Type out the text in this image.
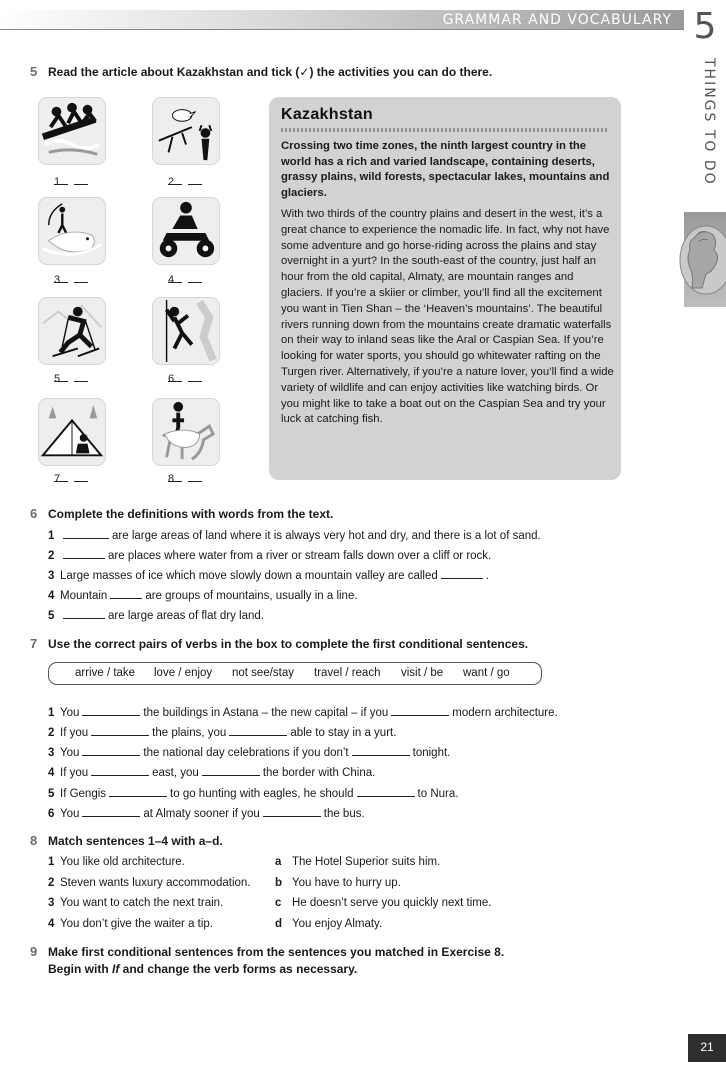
GRAMMAR AND VOCABULARY 5
THINGS TO DO
5 Read the article about Kazakhstan and tick (✓) the activities you can do there.
1	2
3	4
5	6
7	8
Kazakhstan
Crossing two time zones, the ninth largest country in the world has a rich and varied landscape, containing deserts, grassy plains, wild forests, spectacular lakes, mountains and glaciers.
With two thirds of the country plains and desert in the west, it’s a great chance to experience the nomadic life. In fact, why not have some adventure and go horse-riding across the plains and stay overnight in a yurt? In the south-east of the country, just half an hour from the old capital, Almaty, are mountain ranges and glaciers. If you’re a skiier or climber, you’ll find all the excitement you want in Tien Shan – the ‘Heaven’s mountains’. The beautiful rivers running down from the mountains create dramatic waterfalls on their way to inland seas like the Aral or Caspian Sea. If you’re looking for water sports, you should go whitewater rafting on the Turgen river. Alternatively, if you’re a nature lover, you’ll find a wide variety of wildlife and can enjoy activities like watching birds. Or you might like to take a boat out on the Caspian Sea and try your luck at catching fish.
6 Complete the definitions with words from the text.
1	are large areas of land where it is always very hot and dry, and there is a lot of sand.
2	are places where water from a river or stream falls down over a cliff or rock.
3 Large masses of ice which move slowly down a mountain valley are called	.
4 Mountain	are groups of mountains, usually in a line.
5	are large areas of flat dry land.
7 Use the correct pairs of verbs in the box to complete the first conditional sentences.
arrive / take love / enjoy not see/stay travel / reach visit / be want / go
1 You	the buildings in Astana – the new capital – if you	modern architecture.
2 If you	the plains, you	able to stay in a yurt.
3 You	the national day celebrations if you don’t	tonight.
4 If you	east, you	the border with China.
5 If Gengis	to go hunting with eagles, he should	to Nura.
6 You	at Almaty sooner if you	the bus.
8 Match sentences 1–4 with a–d.
1 You like old architecture.
2 Steven wants luxury accommodation.
3 You want to catch the next train.
4 You don’t give the waiter a tip.
a The Hotel Superior suits him.
b You have to hurry up.
c He doesn’t serve you quickly next time.
d You enjoy Almaty.
9 Make first conditional sentences from the sentences you matched in Exercise 8.
Begin with If and change the verb forms as necessary.
21
